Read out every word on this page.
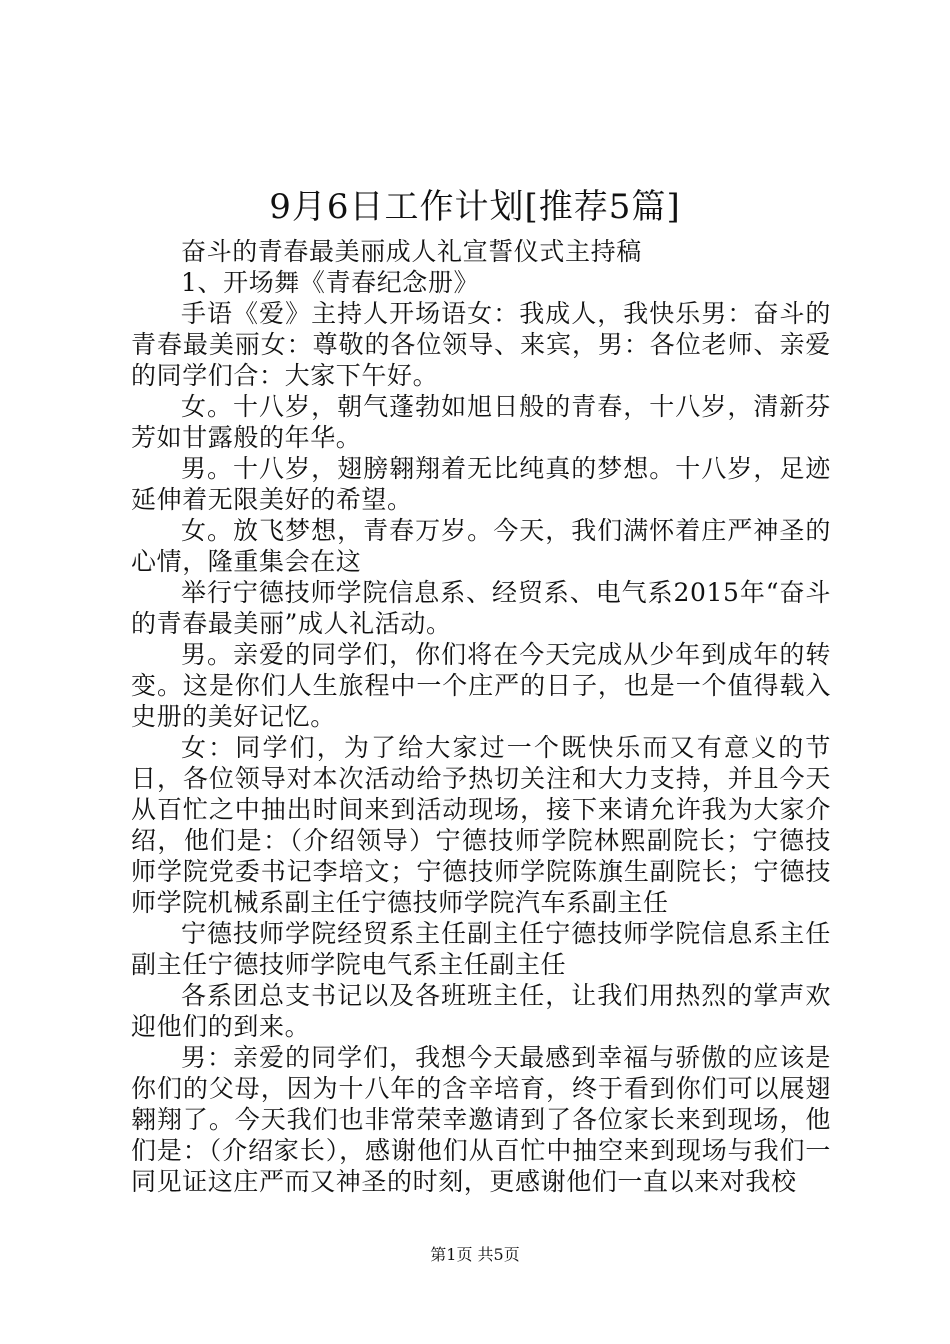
9月6日工作计划[推荐5篇]

奋斗的青春最美丽成人礼宣誓仪式主持稿

1、开场舞《青春纪念册》

手语《爱》主持人开场语女：我成人，我快乐男：奋斗的青春最美丽女：尊敬的各位领导、来宾，男：各位老师、亲爱的同学们合：大家下午好。

女。十八岁，朝气蓬勃如旭日般的青春，十八岁，清新芬芳如甘露般的年华。

男。十八岁，翅膀翱翔着无比纯真的梦想。十八岁，足迹延伸着无限美好的希望。

女。放飞梦想，青春万岁。今天，我们满怀着庄严神圣的心情，隆重集会在这

举行宁德技师学院信息系、经贸系、电气系2015年“奋斗的青春最美丽”成人礼活动。

男。亲爱的同学们，你们将在今天完成从少年到成年的转变。这是你们人生旅程中一个庄严的日子，也是一个值得载入史册的美好记忆。

女：同学们，为了给大家过一个既快乐而又有意义的节日，各位领导对本次活动给予热切关注和大力支持，并且今天从百忙之中抽出时间来到活动现场，接下来请允许我为大家介绍，他们是：（介绍领导）宁德技师学院林熙副院长；宁德技师学院党委书记李培文；宁德技师学院陈旗生副院长；宁德技师学院机械系副主任宁德技师学院汽车系副主任

宁德技师学院经贸系主任副主任宁德技师学院信息系主任副主任宁德技师学院电气系主任副主任

各系团总支书记以及各班班主任，让我们用热烈的掌声欢迎他们的到来。

男：亲爱的同学们，我想今天最感到幸福与骄傲的应该是你们的父母，因为十八年的含辛培育，终于看到你们可以展翅翱翔了。今天我们也非常荣幸邀请到了各位家长来到现场，他们是：（介绍家长），感谢他们从百忙中抽空来到现场与我们一同见证这庄严而又神圣的时刻，更感谢他们一直以来对我校

第1页 共5页
